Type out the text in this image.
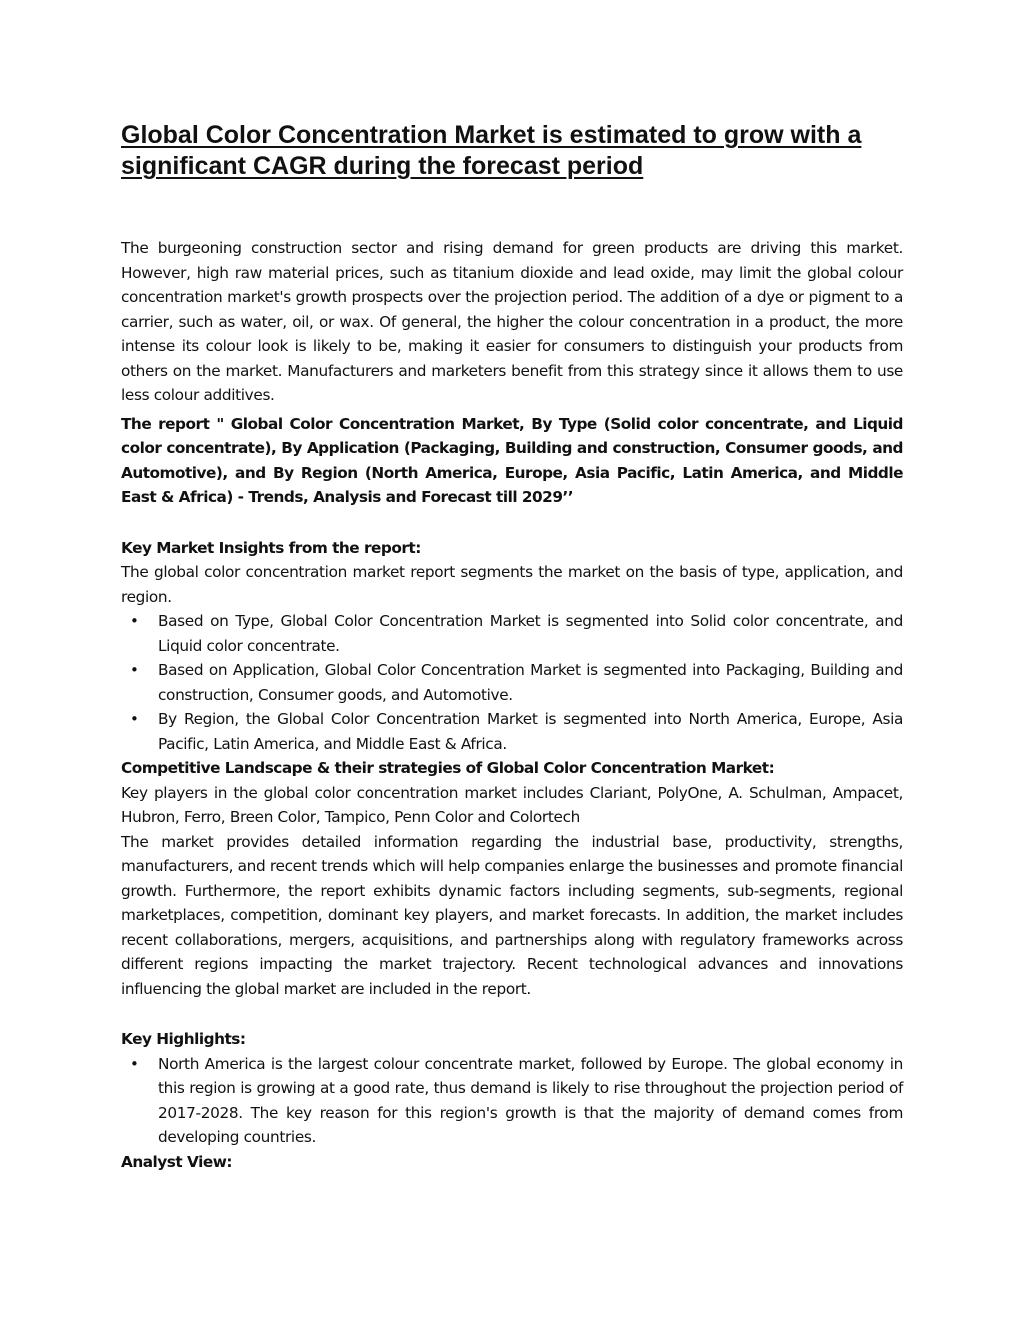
Global Color Concentration Market is estimated to grow with a significant CAGR during the forecast period

The burgeoning construction sector and rising demand for green products are driving this market. However, high raw material prices, such as titanium dioxide and lead oxide, may limit the global colour concentration market's growth prospects over the projection period. The addition of a dye or pigment to a carrier, such as water, oil, or wax. Of general, the higher the colour concentration in a product, the more intense its colour look is likely to be, making it easier for consumers to distinguish your products from others on the market. Manufacturers and marketers benefit from this strategy since it allows them to use less colour additives.

The report " Global Color Concentration Market, By Type (Solid color concentrate, and Liquid color concentrate), By Application (Packaging, Building and construction, Consumer goods, and Automotive), and By Region (North America, Europe, Asia Pacific, Latin America, and Middle East & Africa) - Trends, Analysis and Forecast till 2029’’

Key Market Insights from the report:

The global color concentration market report segments the market on the basis of type, application, and region.

• Based on Type, Global Color Concentration Market is segmented into Solid color concentrate, and Liquid color concentrate.
• Based on Application, Global Color Concentration Market is segmented into Packaging, Building and construction, Consumer goods, and Automotive.
• By Region, the Global Color Concentration Market is segmented into North America, Europe, Asia Pacific, Latin America, and Middle East & Africa.
Competitive Landscape & their strategies of Global Color Concentration Market:

Key players in the global color concentration market includes Clariant, PolyOne, A. Schulman, Ampacet, Hubron, Ferro, Breen Color, Tampico, Penn Color and Colortech

The market provides detailed information regarding the industrial base, productivity, strengths, manufacturers, and recent trends which will help companies enlarge the businesses and promote financial growth. Furthermore, the report exhibits dynamic factors including segments, sub-segments, regional marketplaces, competition, dominant key players, and market forecasts. In addition, the market includes recent collaborations, mergers, acquisitions, and partnerships along with regulatory frameworks across different regions impacting the market trajectory. Recent technological advances and innovations influencing the global market are included in the report.

Key Highlights:
• North America is the largest colour concentrate market, followed by Europe. The global economy in this region is growing at a good rate, thus demand is likely to rise throughout the projection period of 2017-2028. The key reason for this region's growth is that the majority of demand comes from developing countries.
Analyst View:
